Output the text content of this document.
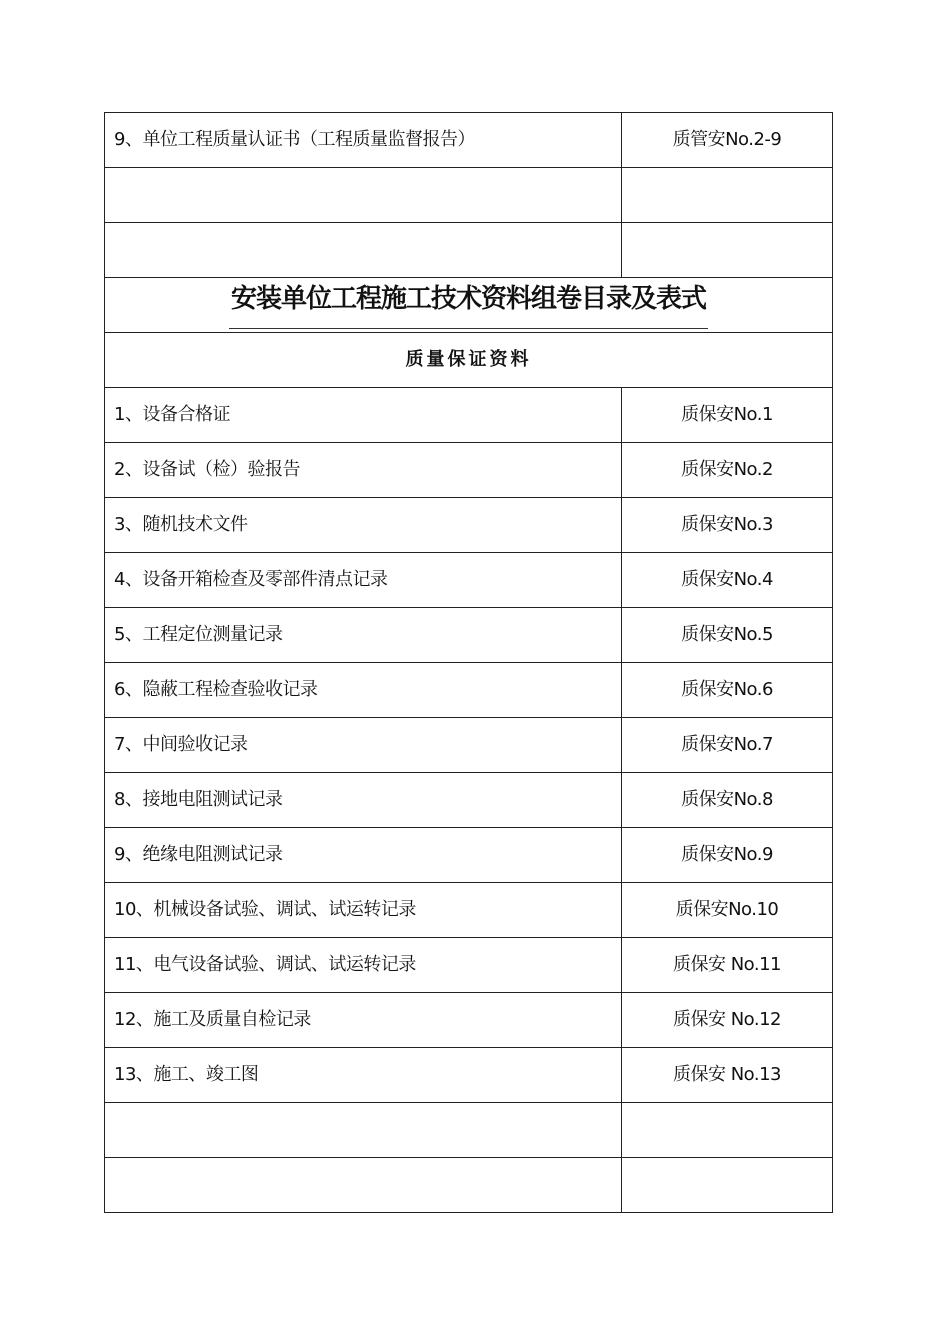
9、单位工程质量认证书（工程质量监督报告）	质管安No.2-9

安装单位工程施工技术资料组卷目录及表式	
质量保证资料	
1、设备合格证	质保安No.1
2、设备试（检）验报告	质保安No.2
3、随机技术文件	质保安No.3
4、设备开箱检查及零部件清点记录	质保安No.4
5、工程定位测量记录	质保安No.5
6、隐蔽工程检查验收记录	质保安No.6
7、中间验收记录	质保安No.7
8、接地电阻测试记录	质保安No.8
9、绝缘电阻测试记录	质保安No.9
10、机械设备试验、调试、试运转记录	质保安No.10
11、电气设备试验、调试、试运转记录	质保安 No.11
12、施工及质量自检记录	质保安 No.12
13、施工、竣工图	质保安 No.13
